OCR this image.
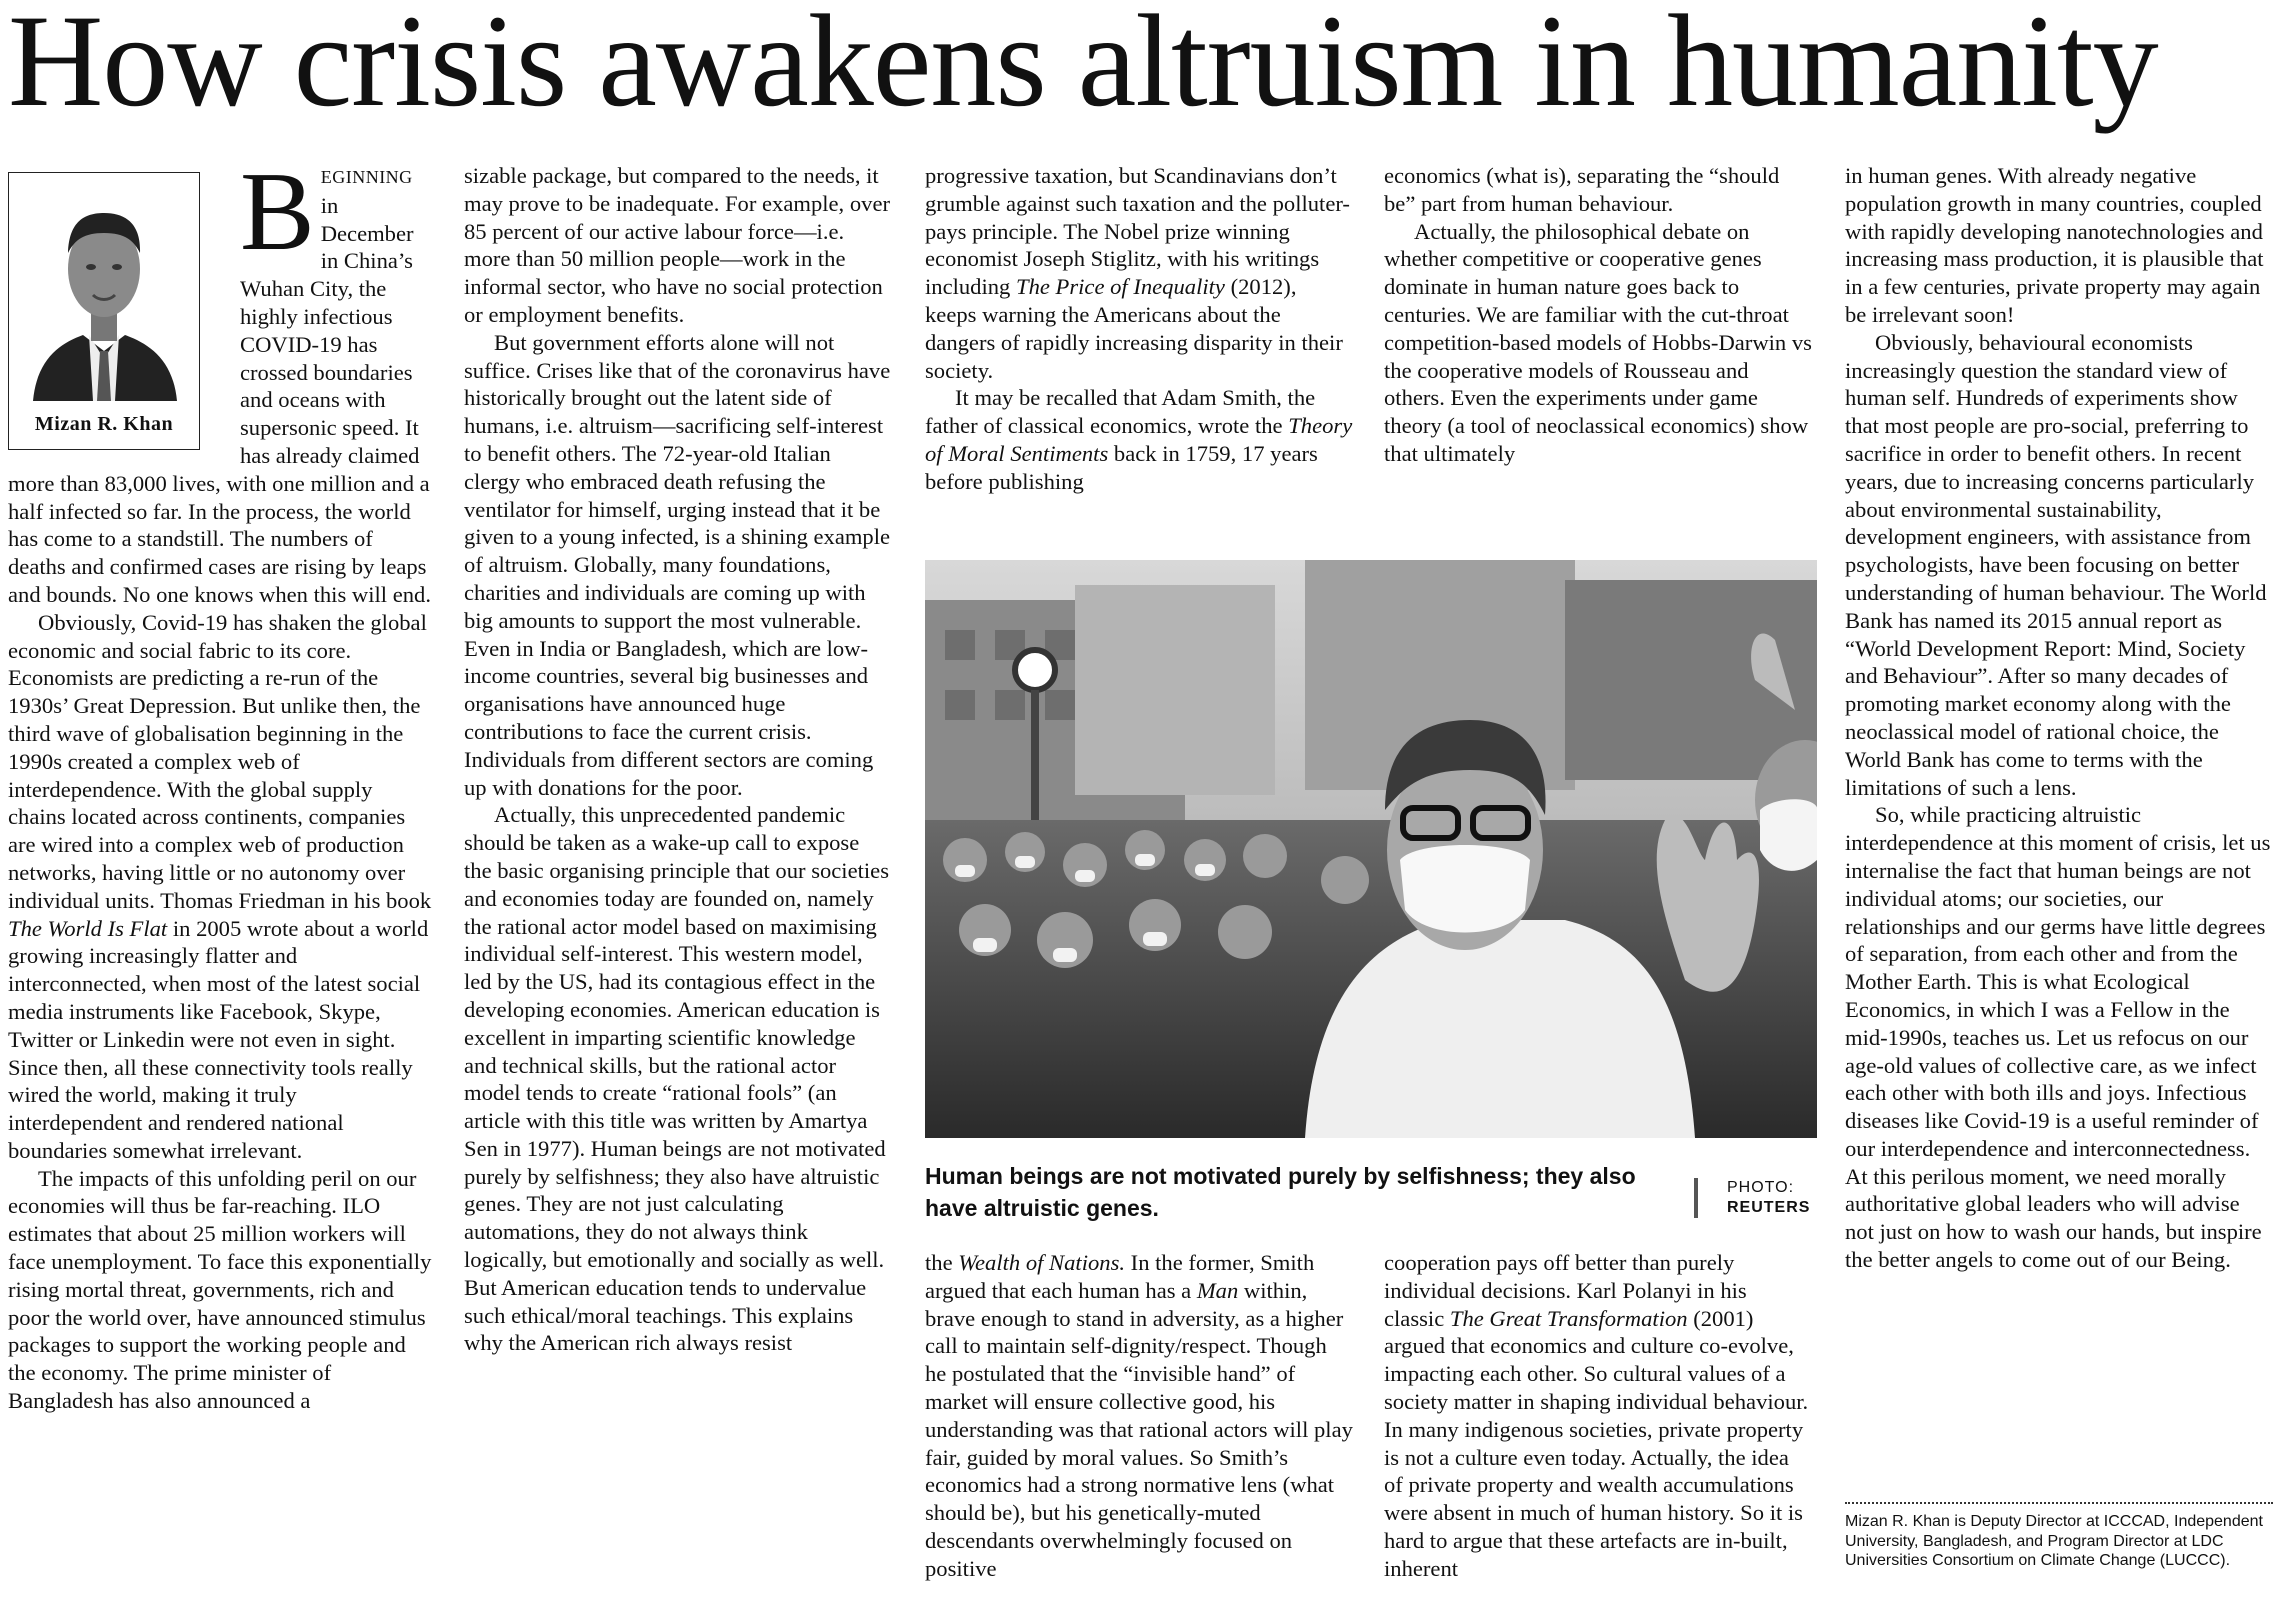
How crisis awakens altruism in humanity
Mizan R. Khan

BEGINNING in December in China’s Wuhan City, the highly infectious COVID-19 has crossed boundaries and oceans with supersonic speed. It has already claimed more than 83,000 lives, with one million and a half infected so far. In the process, the world has come to a standstill. The numbers of deaths and confirmed cases are rising by leaps and bounds. No one knows when this will end.

Obviously, Covid-19 has shaken the global economic and social fabric to its core. Economists are predicting a re-run of the 1930s’ Great Depression. But unlike then, the third wave of globalisation beginning in the 1990s created a complex web of interdependence. With the global supply chains located across continents, companies are wired into a complex web of production networks, having little or no autonomy over individual units. Thomas Friedman in his book The World Is Flat in 2005 wrote about a world growing increasingly flatter and interconnected, when most of the latest social media instruments like Facebook, Skype, Twitter or Linkedin were not even in sight. Since then, all these connectivity tools really wired the world, making it truly interdependent and rendered national boundaries somewhat irrelevant.

The impacts of this unfolding peril on our economies will thus be far-reaching. ILO estimates that about 25 million workers will face unemployment. To face this exponentially rising mortal threat, governments, rich and poor the world over, have announced stimulus packages to support the working people and the economy. The prime minister of Bangladesh has also announced a

sizable package, but compared to the needs, it may prove to be inadequate. For example, over 85 percent of our active labour force—i.e. more than 50 million people—work in the informal sector, who have no social protection or employment benefits.

But government efforts alone will not suffice. Crises like that of the coronavirus have historically brought out the latent side of humans, i.e. altruism—sacrificing self-interest to benefit others. The 72-year-old Italian clergy who embraced death refusing the ventilator for himself, urging instead that it be given to a young infected, is a shining example of altruism. Globally, many foundations, charities and individuals are coming up with big amounts to support the most vulnerable. Even in India or Bangladesh, which are low-income countries, several big businesses and organisations have announced huge contributions to face the current crisis. Individuals from different sectors are coming up with donations for the poor.

Actually, this unprecedented pandemic should be taken as a wake-up call to expose the basic organising principle that our societies and economies today are founded on, namely the rational actor model based on maximising individual self-interest. This western model, led by the US, had its contagious effect in the developing economies. American education is excellent in imparting scientific knowledge and technical skills, but the rational actor model tends to create “rational fools” (an article with this title was written by Amartya Sen in 1977). Human beings are not motivated purely by selfishness; they also have altruistic genes. They are not just calculating automations, they do not always think logically, but emotionally and socially as well. But American education tends to undervalue such ethical/moral teachings. This explains why the American rich always resist

progressive taxation, but Scandinavians don’t grumble against such taxation and the polluter-pays principle. The Nobel prize winning economist Joseph Stiglitz, with his writings including The Price of Inequality (2012), keeps warning the Americans about the dangers of rapidly increasing disparity in their society.

It may be recalled that Adam Smith, the father of classical economics, wrote the Theory of Moral Sentiments back in 1759, 17 years before publishing

economics (what is), separating the “should be” part from human behaviour.

Actually, the philosophical debate on whether competitive or cooperative genes dominate in human nature goes back to centuries. We are familiar with the cut-throat competition-based models of Hobbs-Darwin vs the cooperative models of Rousseau and others. Even the experiments under game theory (a tool of neoclassical economics) show that ultimately

Human beings are not motivated purely by selfishness; they also have altruistic genes.
PHOTO:
REUTERS

the Wealth of Nations. In the former, Smith argued that each human has a Man within, brave enough to stand in adversity, as a higher call to maintain self-dignity/respect. Though he postulated that the “invisible hand” of market will ensure collective good, his understanding was that rational actors will play fair, guided by moral values. So Smith’s economics had a strong normative lens (what should be), but his genetically-muted descendants overwhelmingly focused on positive

cooperation pays off better than purely individual decisions. Karl Polanyi in his classic The Great Transformation (2001) argued that economics and culture co-evolve, impacting each other. So cultural values of a society matter in shaping individual behaviour. In many indigenous societies, private property is not a culture even today. Actually, the idea of private property and wealth accumulations were absent in much of human history. So it is hard to argue that these artefacts are in-built, inherent

in human genes. With already negative population growth in many countries, coupled with rapidly developing nanotechnologies and increasing mass production, it is plausible that in a few centuries, private property may again be irrelevant soon!

Obviously, behavioural economists increasingly question the standard view of human self. Hundreds of experiments show that most people are pro-social, preferring to sacrifice in order to benefit others. In recent years, due to increasing concerns particularly about environmental sustainability, development engineers, with assistance from psychologists, have been focusing on better understanding of human behaviour. The World Bank has named its 2015 annual report as “World Development Report: Mind, Society and Behaviour”. After so many decades of promoting market economy along with the neoclassical model of rational choice, the World Bank has come to terms with the limitations of such a lens.

So, while practicing altruistic interdependence at this moment of crisis, let us internalise the fact that human beings are not individual atoms; our societies, our relationships and our germs have little degrees of separation, from each other and from the Mother Earth. This is what Ecological Economics, in which I was a Fellow in the mid-1990s, teaches us. Let us refocus on our age-old values of collective care, as we infect each other with both ills and joys. Infectious diseases like Covid-19 is a useful reminder of our interdependence and interconnectedness. At this perilous moment, we need morally authoritative global leaders who will advise not just on how to wash our hands, but inspire the better angels to come out of our Being.

Mizan R. Khan is Deputy Director at ICCCAD, Independent University, Bangladesh, and Program Director at LDC Universities Consortium on Climate Change (LUCCC).
